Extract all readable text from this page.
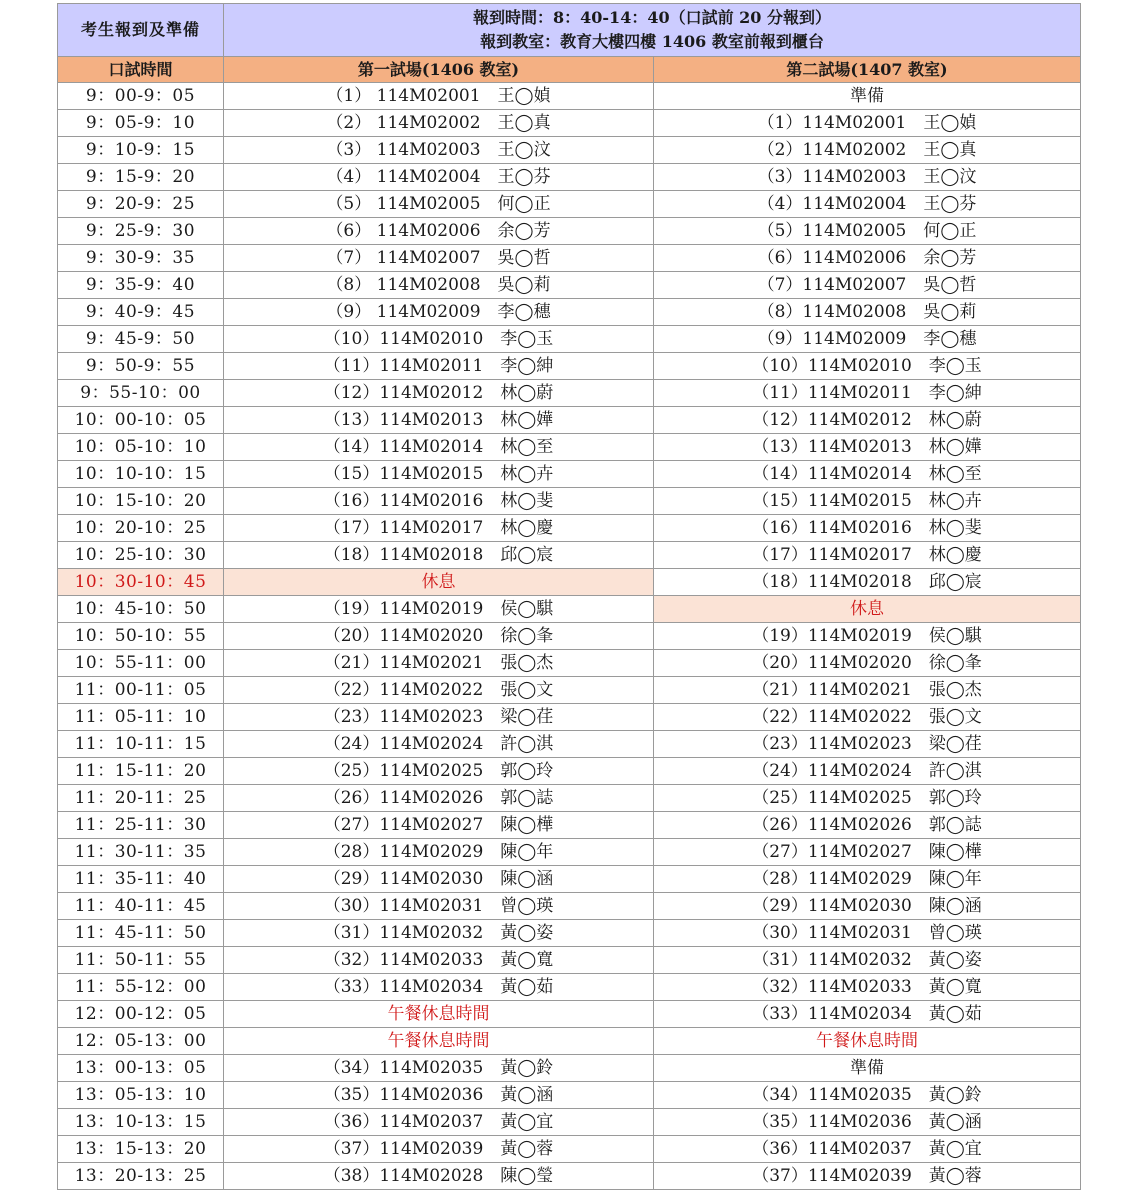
考生報到及準備	報到時間：8：40-14：40（口試前 20 分報到）
報到教室：教育大樓四樓 1406 教室前報到櫃台	

口試時間	第一試場(1406 教室)	第二試場(1407 教室)
9：00-9：05	（1） 114M02001　王◯媜	準備
9：05-9：10	（2） 114M02002　王◯真	（1）114M02001　王◯媜
9：10-9：15	（3） 114M02003　王◯汶	（2）114M02002　王◯真
9：15-9：20	（4） 114M02004　王◯芬	（3）114M02003　王◯汶
9：20-9：25	（5） 114M02005　何◯正	（4）114M02004　王◯芬
9：25-9：30	（6） 114M02006　余◯芳	（5）114M02005　何◯正
9：30-9：35	（7） 114M02007　吳◯哲	（6）114M02006　余◯芳
9：35-9：40	（8） 114M02008　吳◯莉	（7）114M02007　吳◯哲
9：40-9：45	（9） 114M02009　李◯穗	（8）114M02008　吳◯莉
9：45-9：50	（10）114M02010　李◯玉	（9）114M02009　李◯穗
9：50-9：55	（11）114M02011　李◯紳	（10）114M02010　李◯玉
9：55-10：00	（12）114M02012　林◯蔚	（11）114M02011　李◯紳
10：00-10：05	（13）114M02013　林◯嬅	（12）114M02012　林◯蔚
10：05-10：10	（14）114M02014　林◯至	（13）114M02013　林◯嬅
10：10-10：15	（15）114M02015　林◯卉	（14）114M02014　林◯至
10：15-10：20	（16）114M02016　林◯斐	（15）114M02015　林◯卉
10：20-10：25	（17）114M02017　林◯慶	（16）114M02016　林◯斐
10：25-10：30	（18）114M02018　邱◯宸	（17）114M02017　林◯慶
10：30-10：45	休息	（18）114M02018　邱◯宸
10：45-10：50	（19）114M02019　侯◯騏	休息
10：50-10：55	（20）114M02020　徐◯夆	（19）114M02019　侯◯騏
10：55-11：00	（21）114M02021　張◯杰	（20）114M02020　徐◯夆
11：00-11：05	（22）114M02022　張◯文	（21）114M02021　張◯杰
11：05-11：10	（23）114M02023　梁◯荏	（22）114M02022　張◯文
11：10-11：15	（24）114M02024　許◯淇	（23）114M02023　梁◯荏
11：15-11：20	（25）114M02025　郭◯玲	（24）114M02024　許◯淇
11：20-11：25	（26）114M02026　郭◯誌	（25）114M02025　郭◯玲
11：25-11：30	（27）114M02027　陳◯樺	（26）114M02026　郭◯誌
11：30-11：35	（28）114M02029　陳◯年	（27）114M02027　陳◯樺
11：35-11：40	（29）114M02030　陳◯涵	（28）114M02029　陳◯年
11：40-11：45	（30）114M02031　曾◯瑛	（29）114M02030　陳◯涵
11：45-11：50	（31）114M02032　黃◯姿	（30）114M02031　曾◯瑛
11：50-11：55	（32）114M02033　黃◯寬	（31）114M02032　黃◯姿
11：55-12：00	（33）114M02034　黃◯茹	（32）114M02033　黃◯寬
12：00-12：05	午餐休息時間	（33）114M02034　黃◯茹
12：05-13：00	午餐休息時間	午餐休息時間
13：00-13：05	（34）114M02035　黃◯鈴	準備
13：05-13：10	（35）114M02036　黃◯涵	（34）114M02035　黃◯鈴
13：10-13：15	（36）114M02037　黃◯宜	（35）114M02036　黃◯涵
13：15-13：20	（37）114M02039　黃◯蓉	（36）114M02037　黃◯宜
13：20-13：25	（38）114M02028　陳◯瑩	（37）114M02039　黃◯蓉
